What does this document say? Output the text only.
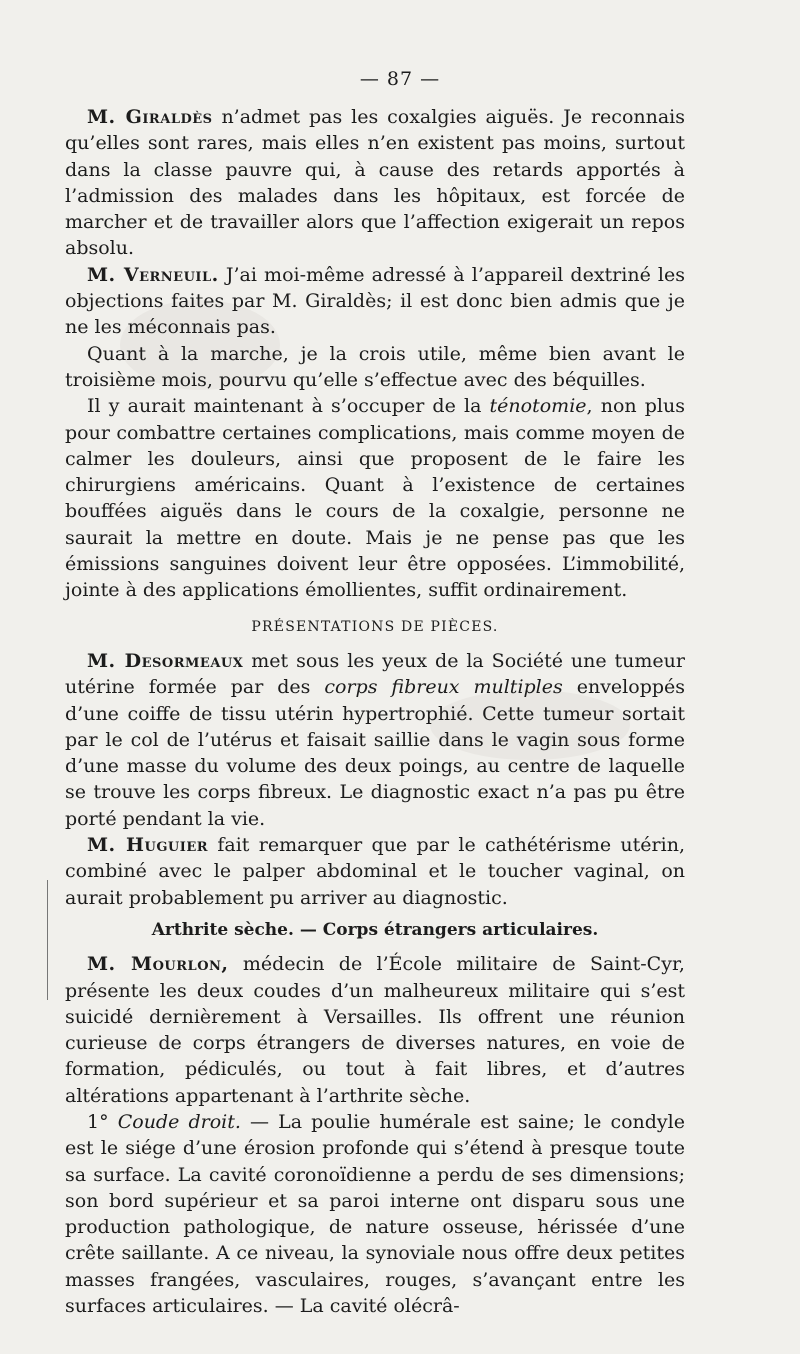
— 87 —

M. Giraldès n’admet pas les coxalgies aiguës. Je reconnais qu’elles sont rares, mais elles n’en existent pas moins, surtout dans la classe pauvre qui, à cause des retards apportés à l’admission des malades dans les hôpitaux, est forcée de marcher et de travailler alors que l’affection exigerait un repos absolu.

M. Verneuil. J’ai moi-même adressé à l’appareil dextriné les objections faites par M. Giraldès; il est donc bien admis que je ne les méconnais pas.

Quant à la marche, je la crois utile, même bien avant le troisième mois, pourvu qu’elle s’effectue avec des béquilles.

Il y aurait maintenant à s’occuper de la ténotomie, non plus pour combattre certaines complications, mais comme moyen de calmer les douleurs, ainsi que proposent de le faire les chirurgiens américains. Quant à l’existence de certaines bouffées aiguës dans le cours de la coxalgie, personne ne saurait la mettre en doute. Mais je ne pense pas que les émissions sanguines doivent leur être opposées. L’immobilité, jointe à des applications émollientes, suffit ordinairement.

PRÉSENTATIONS DE PIÈCES.

M. Desormeaux met sous les yeux de la Société une tumeur utérine formée par des corps fibreux multiples enveloppés d’une coiffe de tissu utérin hypertrophié. Cette tumeur sortait par le col de l’utérus et faisait saillie dans le vagin sous forme d’une masse du volume des deux poings, au centre de laquelle se trouve les corps fibreux. Le diagnostic exact n’a pas pu être porté pendant la vie.

M. Huguier fait remarquer que par le cathétérisme utérin, combiné avec le palper abdominal et le toucher vaginal, on aurait probablement pu arriver au diagnostic.

Arthrite sèche. — Corps étrangers articulaires.

M. Mourlon, médecin de l’École militaire de Saint-Cyr, présente les deux coudes d’un malheureux militaire qui s’est suicidé dernièrement à Versailles. Ils offrent une réunion curieuse de corps étrangers de diverses natures, en voie de formation, pédiculés, ou tout à fait libres, et d’autres altérations appartenant à l’arthrite sèche.

1° Coude droit. — La poulie humérale est saine; le condyle est le siége d’une érosion profonde qui s’étend à presque toute sa surface. La cavité coronoïdienne a perdu de ses dimensions; son bord supérieur et sa paroi interne ont disparu sous une production pathologique, de nature osseuse, hérissée d’une crête saillante. A ce niveau, la synoviale nous offre deux petites masses frangées, vasculaires, rouges, s’avançant entre les surfaces articulaires. — La cavité olécrâ-
